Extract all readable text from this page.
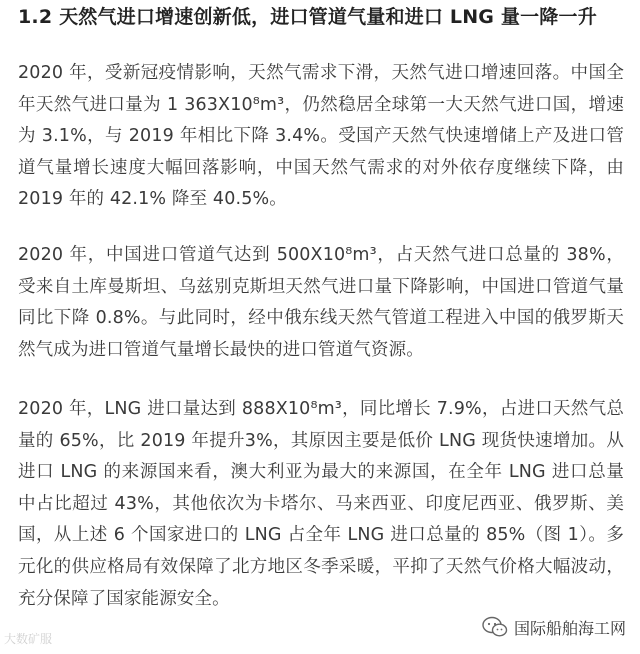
1.2 天然气进口增速创新低，进口管道气量和进口 LNG 量一降一升

2020 年，受新冠疫情影响，天然气需求下滑，天然气进口增速回落。中国全年天然气进口量为 1 363X10⁸m³，仍然稳居全球第一大天然气进口国，增速为 3.1%，与 2019 年相比下降 3.4%。受国产天然气快速增储上产及进口管道气量增长速度大幅回落影响，中国天然气需求的对外依存度继续下降，由 2019 年的 42.1% 降至 40.5%。

2020 年，中国进口管道气达到 500X10⁸m³，占天然气进口总量的 38%，受来自土库曼斯坦、乌兹别克斯坦天然气进口量下降影响，中国进口管道气量同比下降 0.8%。与此同时，经中俄东线天然气管道工程进入中国的俄罗斯天然气成为进口管道气量增长最快的进口管道气资源。

2020 年，LNG 进口量达到 888X10⁸m³，同比增长 7.9%，占进口天然气总量的 65%，比 2019 年提升3%，其原因主要是低价 LNG 现货快速增加。从进口 LNG 的来源国来看，澳大利亚为最大的来源国，在全年 LNG 进口总量中占比超过 43%，其他依次为卡塔尔、马来西亚、印度尼西亚、俄罗斯、美国，从上述 6 个国家进口的 LNG 占全年 LNG 进口总量的 85%（图 1）。多元化的供应格局有效保障了北方地区冬季采暖，平抑了天然气价格大幅波动，充分保障了国家能源安全。

大数矿服
国际船舶海工网
